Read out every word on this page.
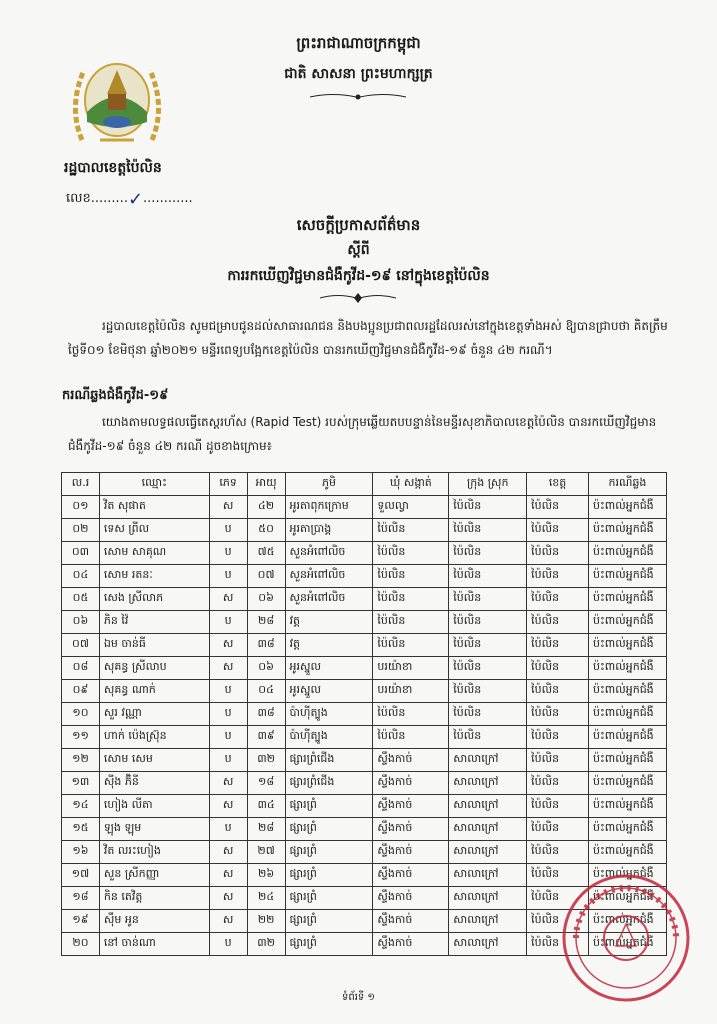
ព្រះរាជាណាចក្រកម្ពុជា
ជាតិ សាសនា ព្រះមហាក្សត្រ
រដ្ឋបាលខេត្តប៉ៃលិន
លេខ.........✓............
សេចក្តីប្រកាសព័ត៌មាន
ស្តីពី
ការរកឃើញវិជ្ជមានជំងឺកូវីដ-១៩ នៅក្នុងខេត្តប៉ៃលិន
រដ្ឋបាលខេត្តប៉ៃលិន សូមជម្រាបជូនដល់សាធារណជន និងបងប្អូនប្រជាពលរដ្ឋដែលរស់នៅក្នុងខេត្តទាំងអស់ ឱ្យបានជ្រាបថា គិតត្រឹមថ្ងៃទី០១ ខែមិថុនា ឆ្នាំ២០២១ មន្ទីរពេទ្យបង្អែកខេត្តប៉ៃលិន បានរកឃើញវិជ្ជមានជំងឺកូវីដ-១៩ ចំនួន ៤២ ករណី។
ករណីឆ្លងជំងឺកូវីដ-១៩
យោងតាមលទ្ធផលធ្វើតេស្តរហ័ស (Rapid Test) របស់ក្រុមឆ្លើយតបបន្ទាន់នៃមន្ទីរសុខាភិបាលខេត្តប៉ៃលិន បានរកឃើញវិជ្ជមានជំងឺកូវីដ-១៩ ចំនួន ៤២ ករណី ដូចខាងក្រោម៖
ល.រ	ឈ្មោះ	ភេទ	អាយុ	ភូមិ	ឃុំ សង្កាត់	ក្រុង ស្រុក	ខេត្ត	ករណីឆ្លង
០១	វិត សុផាត	ស	៤២	អូរតាពុកក្រោម	ទួលល្វា	ប៉ៃលិន	ប៉ៃលិន	ប៉ះពាល់អ្នកជំងឺ
០២	ទេស ព្រីល	ប	៥០	អូរតាប្រាង្គ	ប៉ៃលិន	ប៉ៃលិន	ប៉ៃលិន	ប៉ះពាល់អ្នកជំងឺ
០៣	សោម សាគុណ	ប	៧៥	សួនអំពៅលិច	ប៉ៃលិន	ប៉ៃលិន	ប៉ៃលិន	ប៉ះពាល់អ្នកជំងឺ
០៤	សោម រតនៈ	ប	០៧	សួនអំពៅលិច	ប៉ៃលិន	ប៉ៃលិន	ប៉ៃលិន	ប៉ះពាល់អ្នកជំងឺ
០៥	សេង ស្រីលាភ	ស	០៦	សួនអំពៅលិច	ប៉ៃលិន	ប៉ៃលិន	ប៉ៃលិន	ប៉ះពាល់អ្នកជំងឺ
០៦	ភិន វ៉ៃ	ប	២៨	វត្ត	ប៉ៃលិន	ប៉ៃលិន	ប៉ៃលិន	ប៉ះពាល់អ្នកជំងឺ
០៧	ឯម ចាន់ធី	ស	៣៨	វត្ត	ប៉ៃលិន	ប៉ៃលិន	ប៉ៃលិន	ប៉ះពាល់អ្នកជំងឺ
០៨	សុគន្ធ ស្រីលាប	ស	០៦	អូរស្នួល	បរយ៉ាខា	ប៉ៃលិន	ប៉ៃលិន	ប៉ះពាល់អ្នកជំងឺ
០៩	សុគន្ធ ណាក់	ប	០៤	អូរស្នួល	បរយ៉ាខា	ប៉ៃលិន	ប៉ៃលិន	ប៉ះពាល់អ្នកជំងឺ
១០	សួរ វណ្ណា	ប	៣៨	ប៉ាហ៊ីត្បូង	ប៉ៃលិន	ប៉ៃលិន	ប៉ៃលិន	ប៉ះពាល់អ្នកជំងឺ
១១	ហាក់ ប៉េងស្រ៊ុន	ប	៣៩	ប៉ាហ៊ីត្បូង	ប៉ៃលិន	ប៉ៃលិន	ប៉ៃលិន	ប៉ះពាល់អ្នកជំងឺ
១២	សោម សេម	ប	៣២	ផ្សារព្រំជើង	ស្ទឹងកាច់	សាលាក្រៅ	ប៉ៃលិន	ប៉ះពាល់អ្នកជំងឺ
១៣	ស៊ីង ភ៊ិនី	ស	១៨	ផ្សារព្រំជើង	ស្ទឹងកាច់	សាលាក្រៅ	ប៉ៃលិន	ប៉ះពាល់អ្នកជំងឺ
១៤	ហៀង លីតា	ស	៣៤	ផ្សារព្រំ	ស្ទឹងកាច់	សាលាក្រៅ	ប៉ៃលិន	ប៉ះពាល់អ្នកជំងឺ
១៥	ឡុង ឡុម	ប	២៨	ផ្សារព្រំ	ស្ទឹងកាច់	សាលាក្រៅ	ប៉ៃលិន	ប៉ះពាល់អ្នកជំងឺ
១៦	វិត លរះហៀង	ស	២៧	ផ្សារព្រំ	ស្ទឹងកាច់	សាលាក្រៅ	ប៉ៃលិន	ប៉ះពាល់អ្នកជំងឺ
១៧	សួន ស្រីកញ្ញា	ស	២៦	ផ្សារព្រំ	ស្ទឹងកាច់	សាលាក្រៅ	ប៉ៃលិន	ប៉ះពាល់អ្នកជំងឺ
១៨	កិន តេវិត្ត	ស	២៤	ផ្សារព្រំ	ស្ទឹងកាច់	សាលាក្រៅ	ប៉ៃលិន	ប៉ះពាល់អ្នកជំងឺ
១៩	ស៊ឹម អូន	ស	២២	ផ្សារព្រំ	ស្ទឹងកាច់	សាលាក្រៅ	ប៉ៃលិន	ប៉ះពាល់អ្នកជំងឺ
២០	នៅ ចាន់ណា	ប	៣២	ផ្សារព្រំ	ស្ទឹងកាច់	សាលាក្រៅ	ប៉ៃលិន	ប៉ះពាល់អ្នកជំងឺ
ទំព័រទី ១
